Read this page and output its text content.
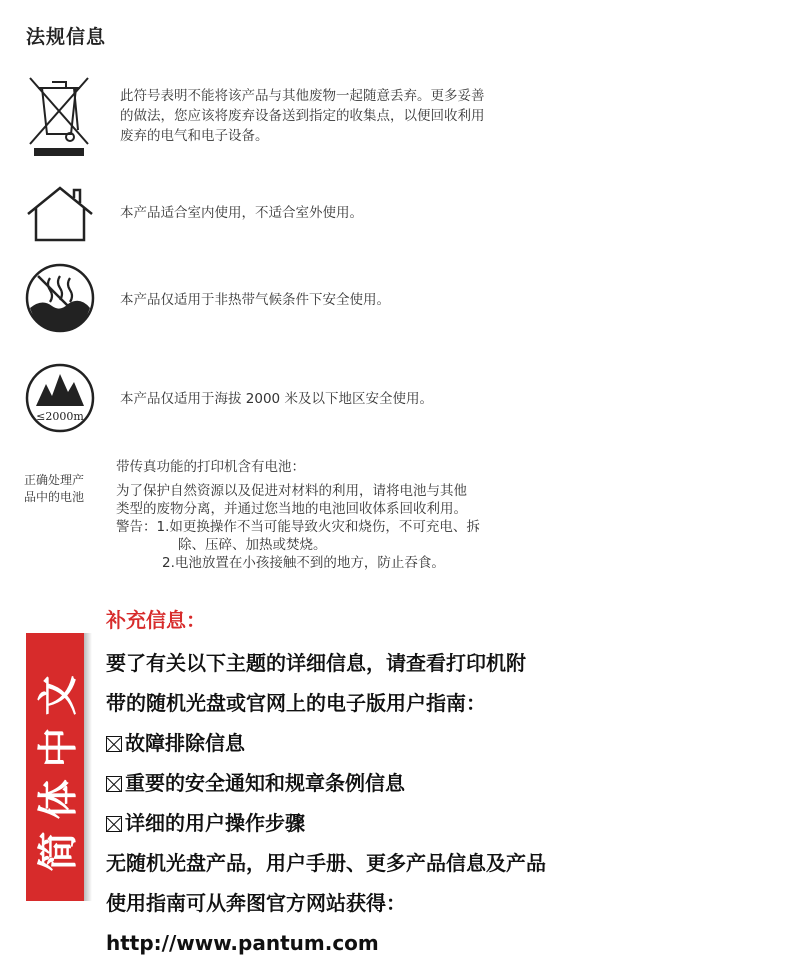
法规信息
此符号表明不能将该产品与其他废物一起随意丢弃。更多妥善
的做法，您应该将废弃设备送到指定的收集点，以便回收利用
废弃的电气和电子设备。
本产品适合室内使用，不适合室外使用。
本产品仅适用于非热带气候条件下安全使用。
≤2000m
本产品仅适用于海拔 2000 米及以下地区安全使用。
正确处理产
品中的电池
带传真功能的打印机含有电池：
为了保护自然资源以及促进对材料的利用，请将电池与其他
类型的废物分离，并通过您当地的电池回收体系回收利用。
警告：1.如更换操作不当可能导致火灾和烧伤，不可充电、拆
除、压碎、加热或焚烧。
2.电池放置在小孩接触不到的地方，防止吞食。
简体中文
补充信息：
要了有关以下主题的详细信息，请查看打印机附
带的随机光盘或官网上的电子版用户指南：
故障排除信息
重要的安全通知和规章条例信息
详细的用户操作步骤
无随机光盘产品，用户手册、更多产品信息及产品
使用指南可从奔图官方网站获得：
http://www.pantum.com
